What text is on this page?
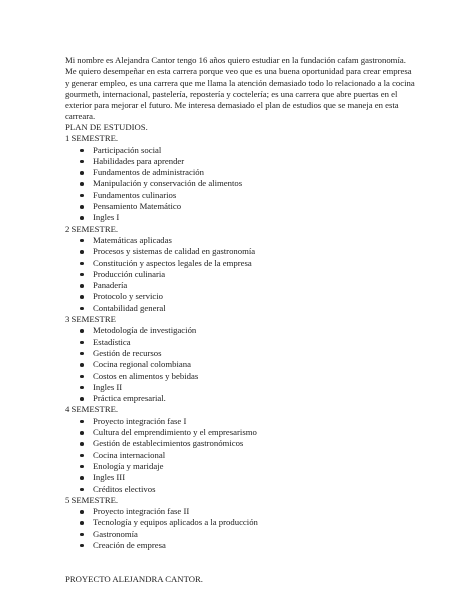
Mi nombre es Alejandra Cantor tengo 16 años quiero estudiar en la fundación cafam gastronomía. Me quiero desempeñar en esta carrera porque veo que es una buena oportunidad para crear empresa y generar empleo, es una carrera que me llama la atención demasiado todo lo relacionado a la cocina gourmeth, internacional, pastelería, repostería y coctelería; es una carrera que abre puertas en el exterior para mejorar el futuro. Me interesa demasiado el plan de estudios que se maneja en esta carreara.

PLAN DE ESTUDIOS.

1 SEMESTRE.

Participación social
Habilidades para aprender
Fundamentos de administración
Manipulación y conservación de alimentos
Fundamentos culinarios
Pensamiento Matemático
Ingles I

2 SEMESTRE.

Matemáticas aplicadas
Procesos y sistemas de calidad en gastronomía
Constitución y aspectos legales de la empresa
Producción culinaria
Panadería
Protocolo y servicio
Contabilidad general

3 SEMESTRE

Metodología de investigación
Estadística
Gestión de recursos
Cocina regional colombiana
Costos en alimentos y bebidas
Ingles II
Práctica empresarial.

4 SEMESTRE.

Proyecto integración fase I
Cultura del emprendimiento y el empresarismo
Gestión de establecimientos gastronómicos
Cocina internacional
Enología y maridaje
Ingles III
Créditos electivos

5 SEMESTRE.

Proyecto integración fase II
Tecnología y equipos aplicados a la producción
Gastronomía
Creación de empresa

PROYECTO ALEJANDRA CANTOR.
